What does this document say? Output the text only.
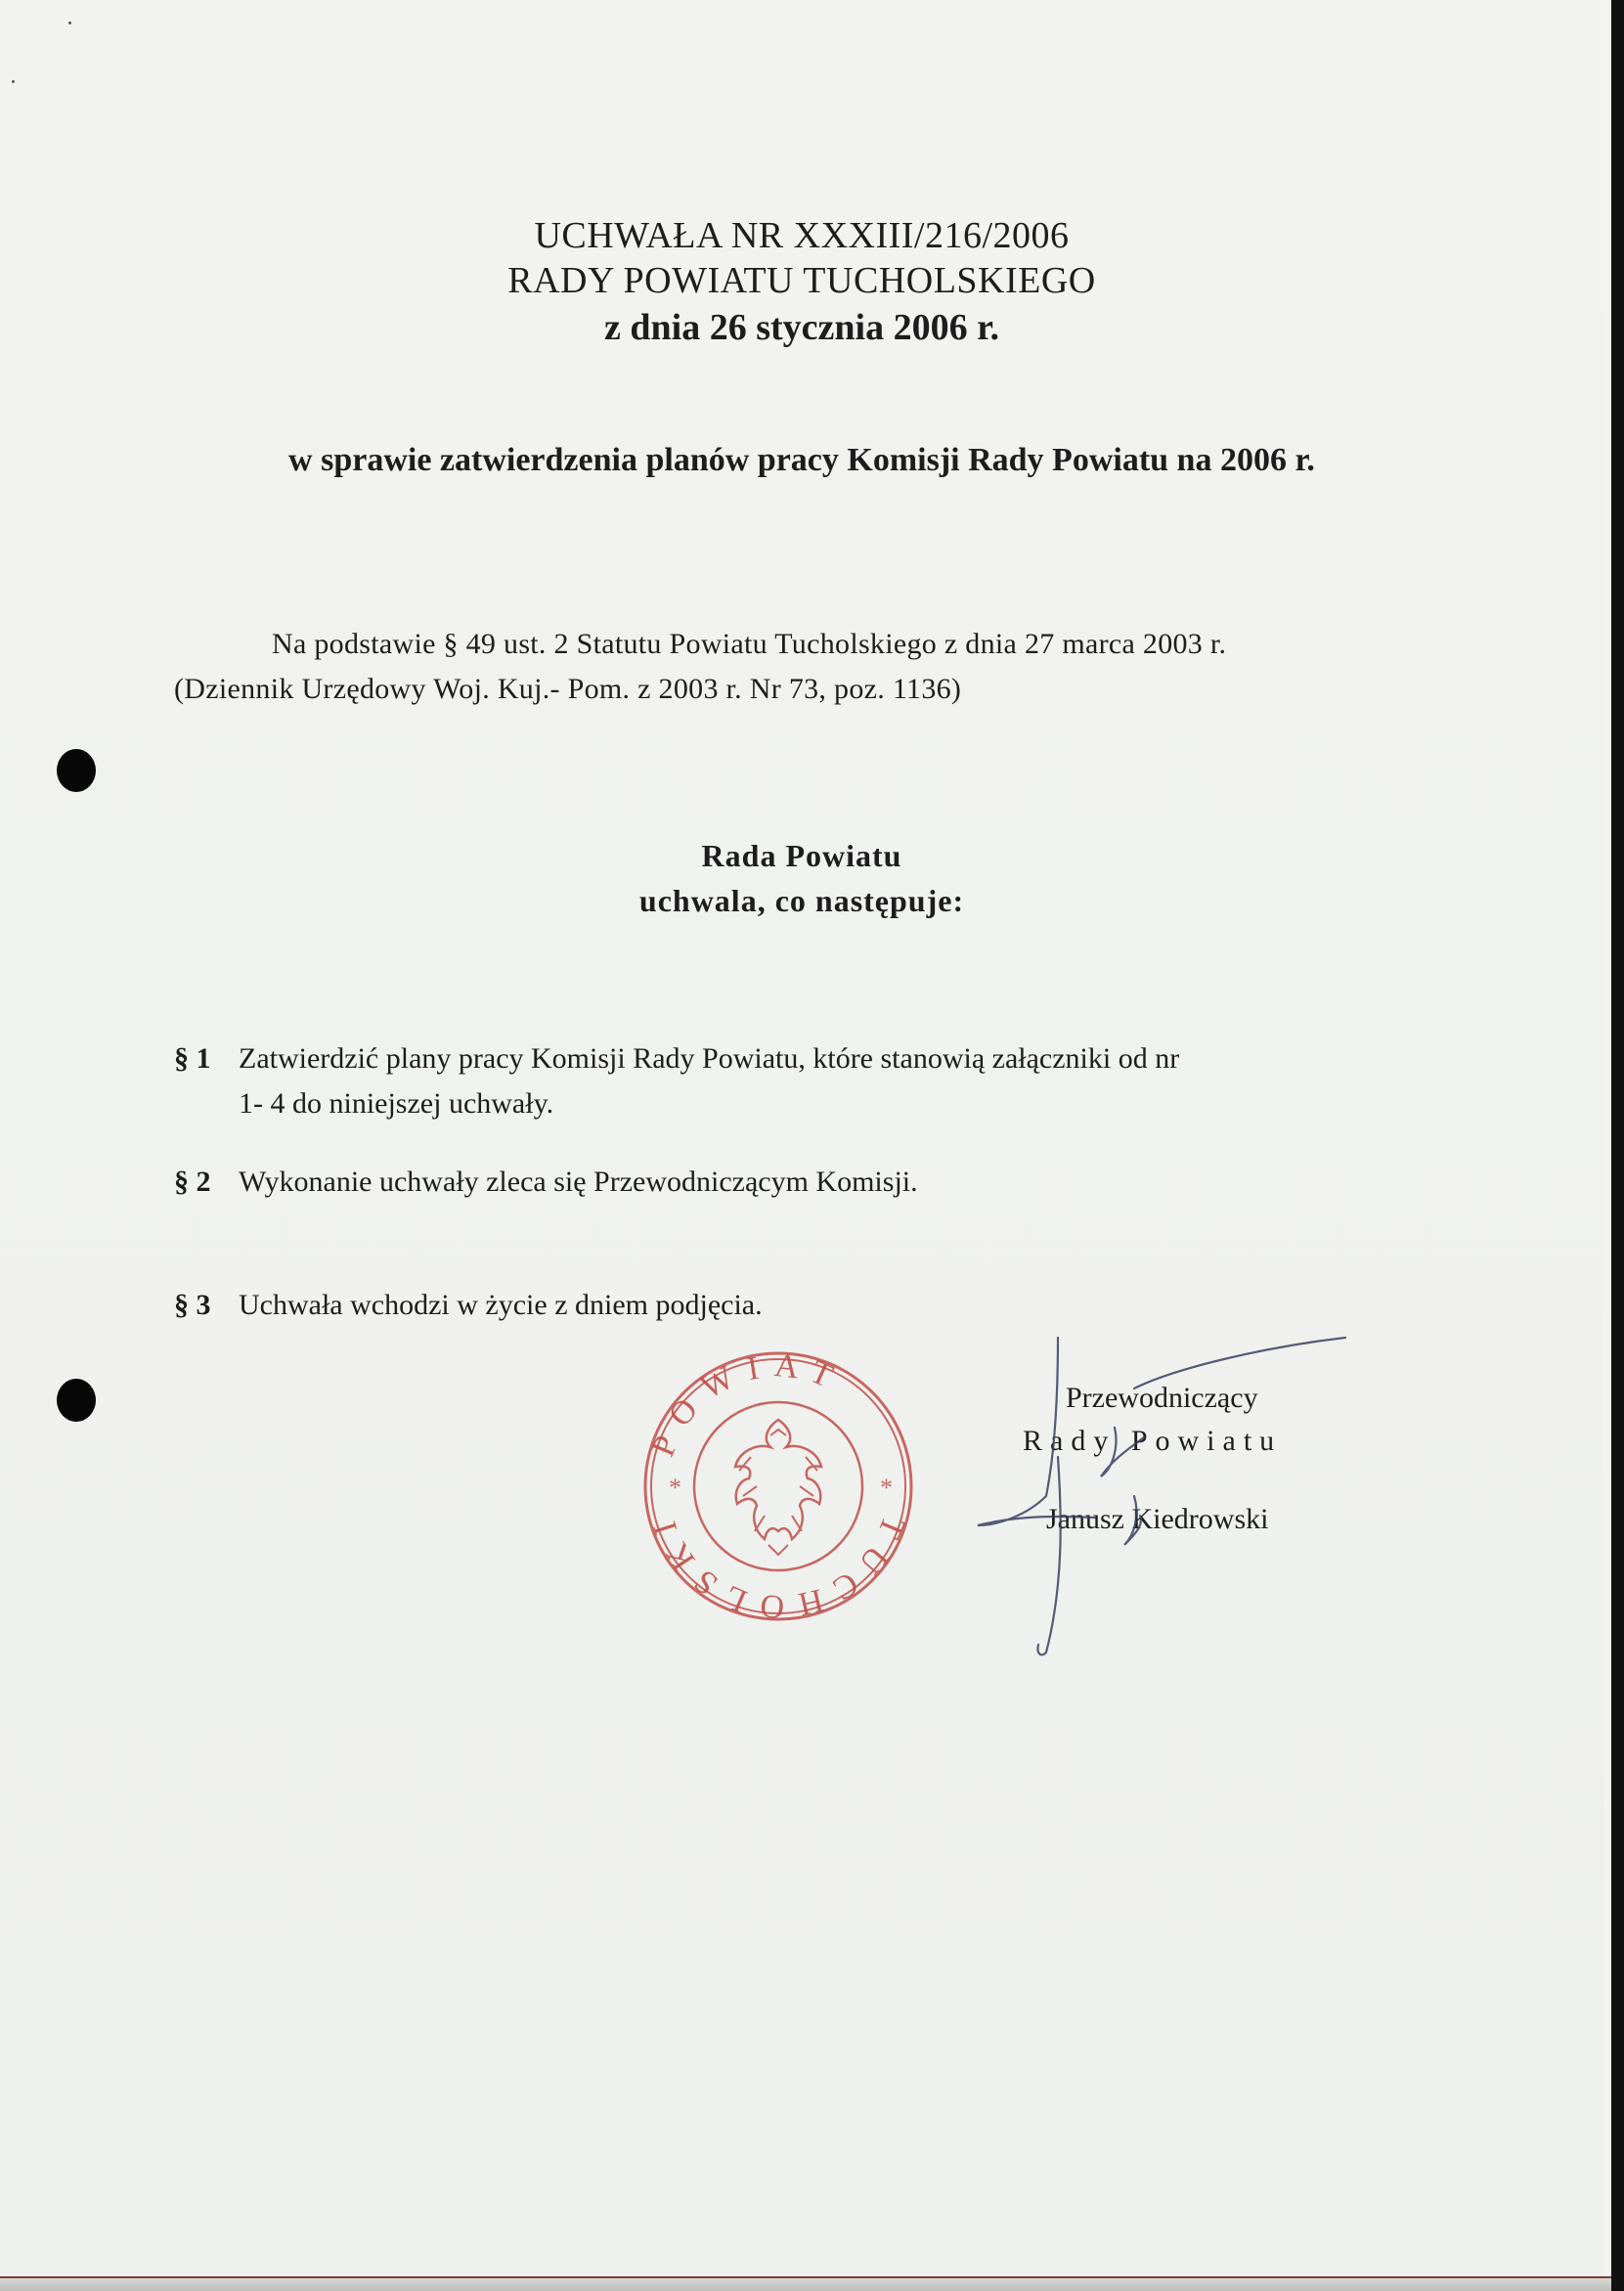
UCHWAŁA NR XXXIII/216/2006
RADY POWIATU TUCHOLSKIEGO
z dnia 26 stycznia 2006 r.
w sprawie zatwierdzenia planów pracy Komisji Rady Powiatu na 2006 r.
Na podstawie § 49 ust. 2 Statutu Powiatu Tucholskiego z dnia 27 marca 2003 r.
(Dziennik Urzędowy Woj. Kuj.- Pom. z 2003 r. Nr 73, poz. 1136)
Rada Powiatu
uchwala, co następuje:
§ 1 Zatwierdzić plany pracy Komisji Rady Powiatu, które stanowią załączniki od nr
1- 4 do niniejszej uchwały.
§ 2 Wykonanie uchwały zleca się Przewodniczącym Komisji.
§ 3 Uchwała wchodzi w życie z dniem podjęcia.
*	*
POWIAT
TUCHOLSKI
Przewodniczący
Rady Powiatu
Janusz Kiedrowski
